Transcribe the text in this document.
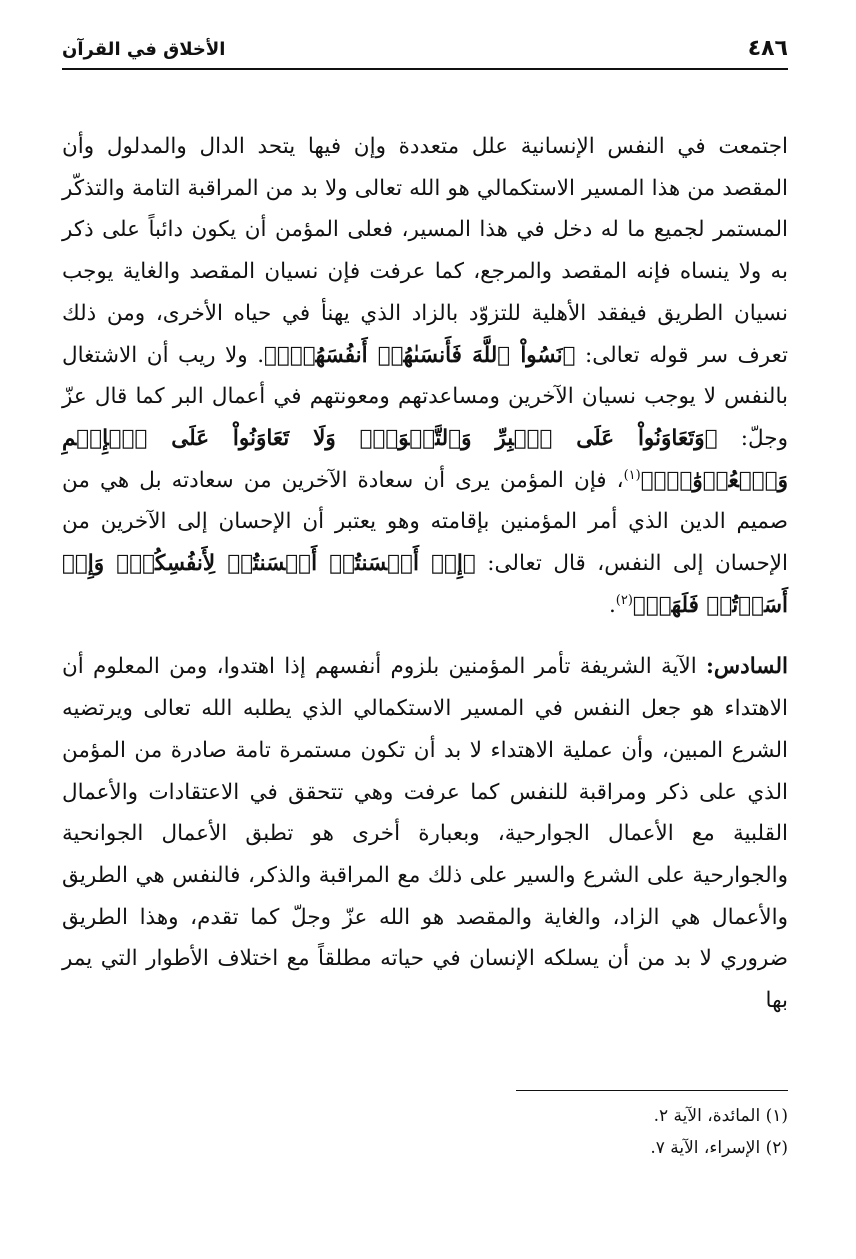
٤٨٦
الأخلاق في القرآن

اجتمعت في النفس الإنسانية علل متعددة وإن فيها يتحد الدال والمدلول وأن المقصد من هذا المسير الاستكمالي هو الله تعالى ولا بد من المراقبة التامة والتذكّر المستمر لجميع ما له دخل في هذا المسير، فعلى المؤمن أن يكون دائباً على ذكر به ولا ينساه فإنه المقصد والمرجع، كما عرفت فإن نسيان المقصد والغاية يوجب نسيان الطريق فيفقد الأهلية للتزوّد بالزاد الذي يهنأ في حياه الأخرى، ومن ذلك تعرف سر قوله تعالى: ﴿نَسُواْ ٱللَّهَ فَأَنسَىٰهُمۡ أَنفُسَهُمۡۚ﴾. ولا ريب أن الاشتغال بالنفس لا يوجب نسيان الآخرين ومساعدتهم ومعونتهم في أعمال البر كما قال عزّ وجلّ: ﴿وَتَعَاوَنُواْ عَلَى ٱلۡبِرِّ وَٱلتَّقۡوَىٰۖ وَلَا تَعَاوَنُواْ عَلَى ٱلۡإِثۡمِ وَٱلۡعُدۡوَٰنِۚ﴾$^{(١)}$، فإن المؤمن يرى أن سعادة الآخرين من سعادته بل هي من صميم الدين الذي أمر المؤمنين بإقامته وهو يعتبر أن الإحسان إلى الآخرين من الإحسان إلى النفس، قال تعالى: ﴿إِنۡ أَحۡسَنتُمۡ أَحۡسَنتُمۡ لِأَنفُسِكُمۡۖ وَإِنۡ أَسَأۡتُمۡ فَلَهَاۚ﴾$^{(٢)}$.

السادس: الآية الشريفة تأمر المؤمنين بلزوم أنفسهم إذا اهتدوا، ومن المعلوم أن الاهتداء هو جعل النفس في المسير الاستكمالي الذي يطلبه الله تعالى ويرتضيه الشرع المبين، وأن عملية الاهتداء لا بد أن تكون مستمرة تامة صادرة من المؤمن الذي على ذكر ومراقبة للنفس كما عرفت وهي تتحقق في الاعتقادات والأعمال القلبية مع الأعمال الجوارحية، وبعبارة أخرى هو تطبق الأعمال الجوانحية والجوارحية على الشرع والسير على ذلك مع المراقبة والذكر، فالنفس هي الطريق والأعمال هي الزاد، والغاية والمقصد هو الله عزّ وجلّ كما تقدم، وهذا الطريق ضروري لا بد من أن يسلكه الإنسان في حياته مطلقاً مع اختلاف الأطوار التي يمر بها

(١) المائدة، الآية ٢.

(٢) الإسراء، الآية ٧.
